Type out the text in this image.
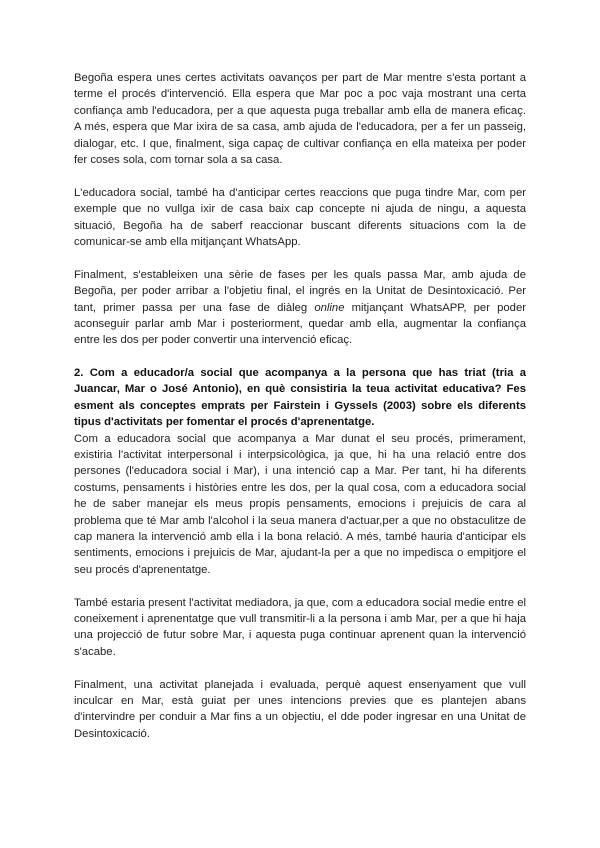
Begoña espera unes certes activitats oavanços per part de Mar mentre s'esta portant a terme el procés d'intervenció. Ella espera que Mar poc a poc vaja mostrant una certa confiança amb l'educadora, per a que aquesta puga treballar amb ella de manera eficaç. A més, espera que Mar ixira de sa casa, amb ajuda de l'educadora, per a fer un passeig, dialogar, etc. I que, finalment, siga capaç de cultivar confiança en ella mateixa per poder fer coses sola, com tornar sola a sa casa.

L'educadora social, també ha d'anticipar certes reaccions que puga tindre Mar, com per exemple que no vullga ixir de casa baix cap concepte ni ajuda de ningu, a aquesta situació, Begoña ha de saberf reaccionar buscant diferents situacions com la de comunicar-se amb ella mitjançant WhatsApp.

Finalment, s'estableixen una sèrie de fases per les quals passa Mar, amb ajuda de Begoña, per poder arribar a l'objetiu final, el ingrés en la Unitat de Desintoxicació. Per tant, primer passa per una fase de diàleg online mitjançant WhatsAPP, per poder aconseguir parlar amb Mar i posteriorment, quedar amb ella, augmentar la confiança entre les dos per poder convertir una intervenció eficaç.

2. Com a educador/a social que acompanya a la persona que has triat (tria a Juancar, Mar o José Antonio), en què consistiria la teua activitat educativa? Fes esment als conceptes emprats per Fairstein i Gyssels (2003) sobre els diferents tipus d'activitats per fomentar el procés d'aprenentatge.

Com a educadora social que acompanya a Mar dunat el seu procés, primerament, existiria l'activitat interpersonal i interpsicològica, ja que, hi ha una relació entre dos persones (l'educadora social i Mar), i una intenció cap a Mar. Per tant, hi ha diferents costums, pensaments i històries entre les dos, per la qual cosa, com a educadora social he de saber manejar els meus propis pensaments, emocions i prejuicis de cara al problema que té Mar amb l'alcohol i la seua manera d'actuar,per a que no obstaculitze de cap manera la intervenció amb ella i la bona relació. A més, també hauria d'anticipar els sentiments, emocions i prejuicis de Mar, ajudant-la per a que no impedisca o empitjore el seu procés d'aprenentatge.

També estaria present l'activitat mediadora, ja que, com a educadora social medie entre el coneixement i aprenentatge que vull transmitir-li a la persona i amb Mar, per a que hi haja una projecció de futur sobre Mar, i aquesta puga continuar aprenent quan la intervenció s'acabe.

Finalment, una activitat planejada i evaluada, perquè aquest ensenyament que vull inculcar en Mar, està guiat per unes intencions previes que es plantejen abans d'intervindre per conduir a Mar fins a un objectiu, el dde poder ingresar en una Unitat de Desintoxicació.
